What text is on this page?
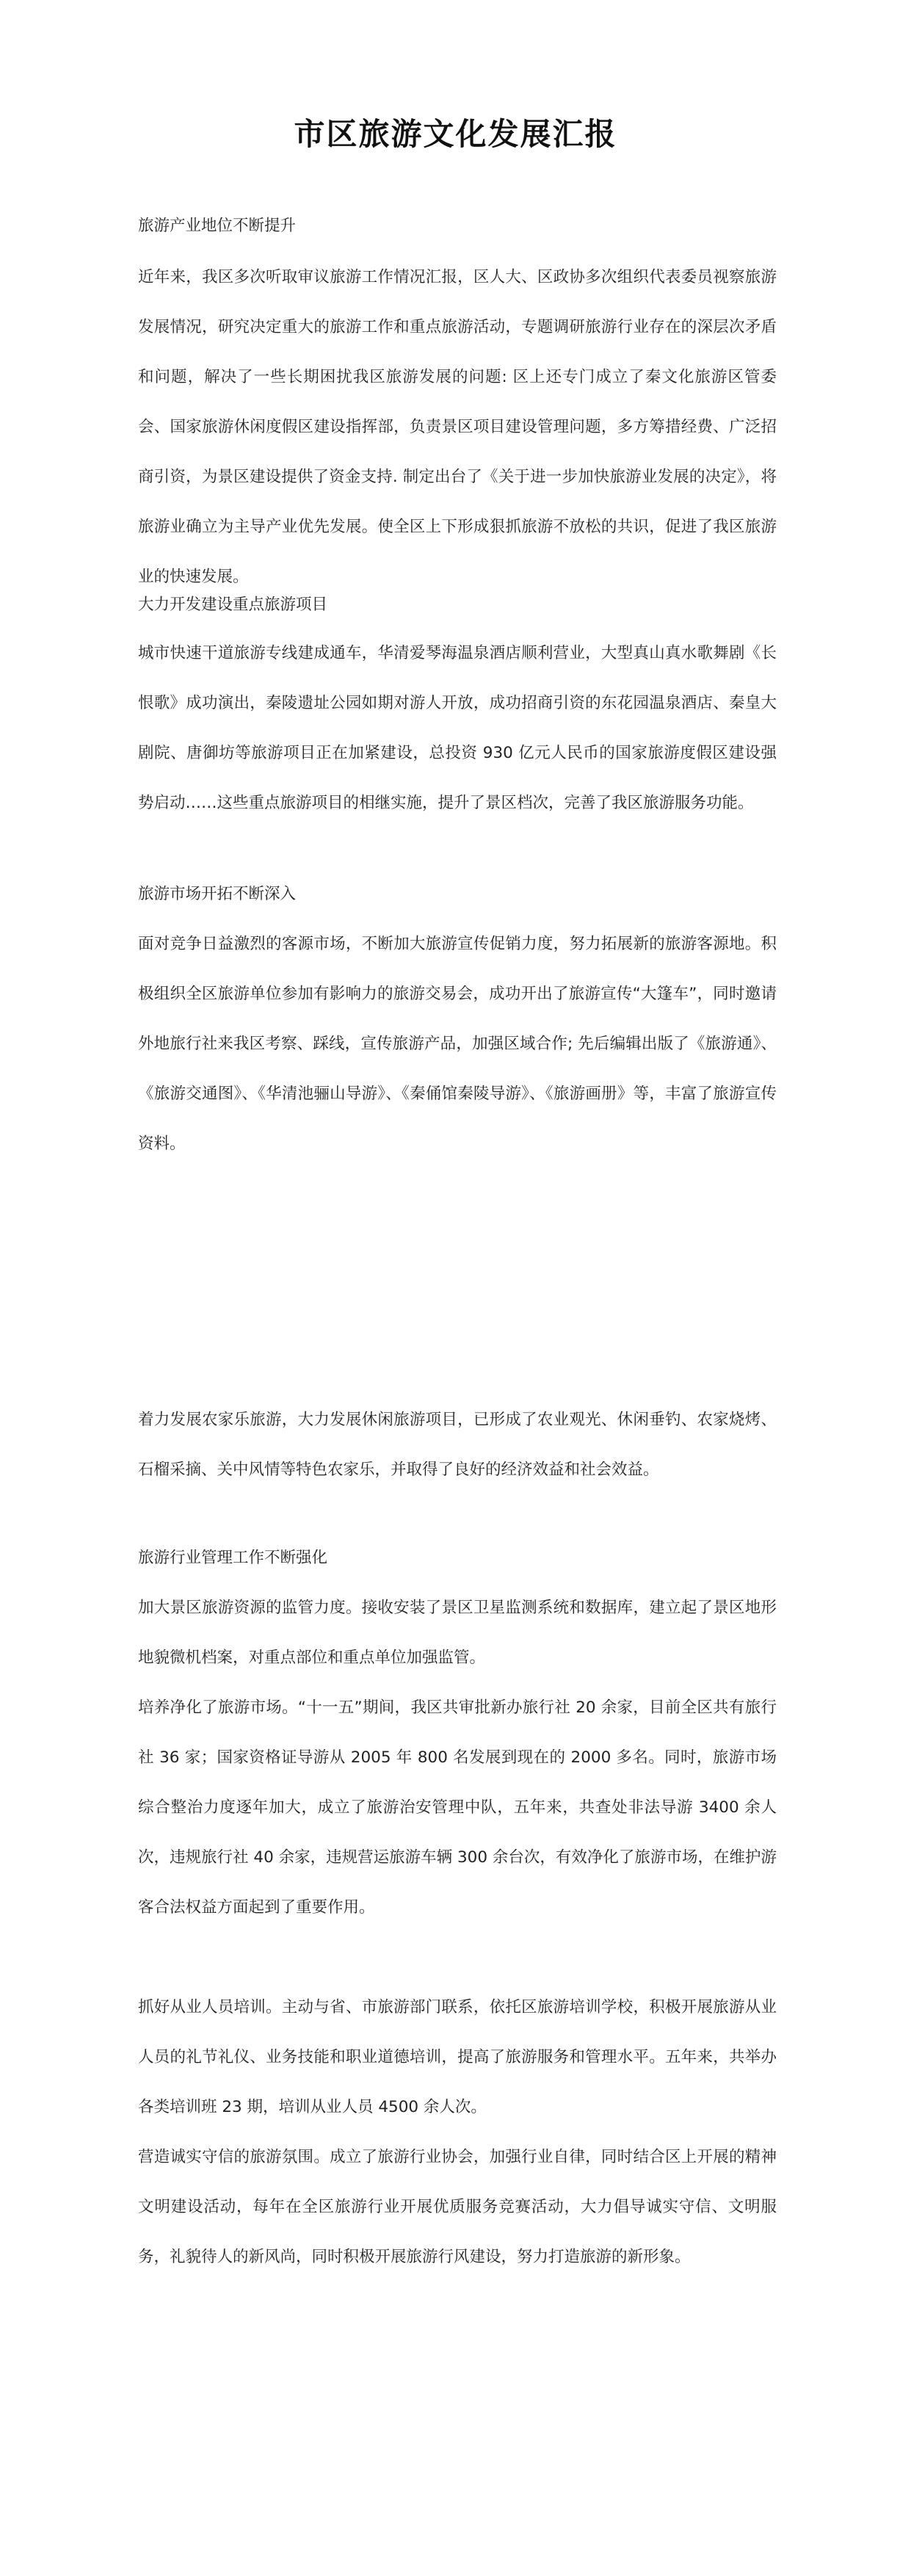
市区旅游文化发展汇报

旅游产业地位不断提升

近年来，我区多次听取审议旅游工作情况汇报，区人大、区政协多次组织代表委员视察旅游发展情况，研究决定重大的旅游工作和重点旅游活动，专题调研旅游行业存在的深层次矛盾和问题，解决了一些长期困扰我区旅游发展的问题: 区上还专门成立了秦文化旅游区管委会、国家旅游休闲度假区建设指挥部，负责景区项目建设管理问题，多方筹措经费、广泛招商引资，为景区建设提供了资金支持. 制定出台了《关于进一步加快旅游业发展的决定》，将旅游业确立为主导产业优先发展。使全区上下形成狠抓旅游不放松的共识，促进了我区旅游业的快速发展。

大力开发建设重点旅游项目

城市快速干道旅游专线建成通车，华清爱琴海温泉酒店顺利营业，大型真山真水歌舞剧《长恨歌》成功演出，秦陵遗址公园如期对游人开放，成功招商引资的东花园温泉酒店、秦皇大剧院、唐御坊等旅游项目正在加紧建设，总投资 930 亿元人民币的国家旅游度假区建设强势启动……这些重点旅游项目的相继实施，提升了景区档次，完善了我区旅游服务功能。

旅游市场开拓不断深入

面对竞争日益激烈的客源市场，不断加大旅游宣传促销力度，努力拓展新的旅游客源地。积极组织全区旅游单位参加有影响力的旅游交易会，成功开出了旅游宣传“大篷车”，同时邀请外地旅行社来我区考察、踩线，宣传旅游产品，加强区域合作; 先后编辑出版了《旅游通》、《旅游交通图》、《华清池骊山导游》、《秦俑馆秦陵导游》、《旅游画册》等，丰富了旅游宣传资料。

着力发展农家乐旅游，大力发展休闲旅游项目，已形成了农业观光、休闲垂钓、农家烧烤、石榴采摘、关中风情等特色农家乐，并取得了良好的经济效益和社会效益。

旅游行业管理工作不断强化

加大景区旅游资源的监管力度。接收安装了景区卫星监测系统和数据库，建立起了景区地形地貌微机档案，对重点部位和重点单位加强监管。

培养净化了旅游市场。“十一五”期间，我区共审批新办旅行社 20 余家，目前全区共有旅行社 36 家；国家资格证导游从 2005 年 800 名发展到现在的 2000 多名。同时，旅游市场综合整治力度逐年加大，成立了旅游治安管理中队，五年来，共查处非法导游 3400 余人次，违规旅行社 40 余家，违规营运旅游车辆 300 余台次，有效净化了旅游市场，在维护游客合法权益方面起到了重要作用。

抓好从业人员培训。主动与省、市旅游部门联系，依托区旅游培训学校，积极开展旅游从业人员的礼节礼仪、业务技能和职业道德培训，提高了旅游服务和管理水平。五年来，共举办各类培训班 23 期，培训从业人员 4500 余人次。

营造诚实守信的旅游氛围。成立了旅游行业协会，加强行业自律，同时结合区上开展的精神文明建设活动，每年在全区旅游行业开展优质服务竞赛活动，大力倡导诚实守信、文明服务，礼貌待人的新风尚，同时积极开展旅游行风建设，努力打造旅游的新形象。
